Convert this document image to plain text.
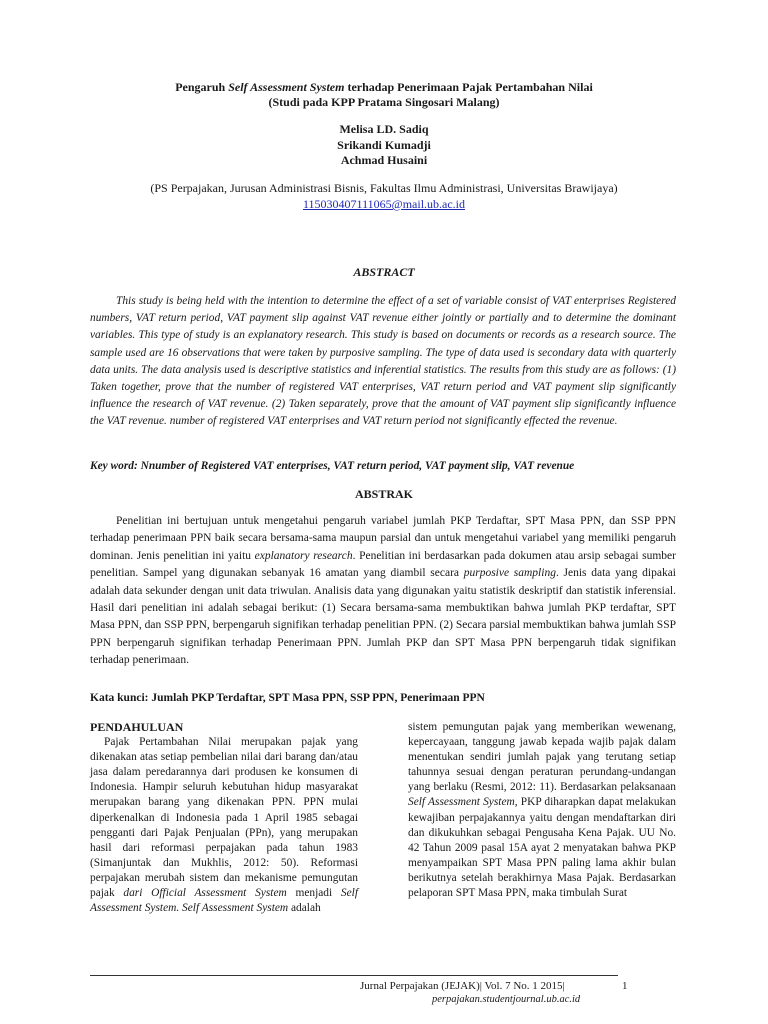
Pengaruh Self Assessment System terhadap Penerimaan Pajak Pertambahan Nilai
(Studi pada KPP Pratama Singosari Malang)
Melisa LD. Sadiq
Srikandi Kumadji
Achmad Husaini
(PS Perpajakan, Jurusan Administrasi Bisnis, Fakultas Ilmu Administrasi, Universitas Brawijaya)
115030407111065@mail.ub.ac.id
ABSTRACT

This study is being held with the intention to determine the effect of a set of variable consist of VAT enterprises Registered numbers, VAT return period, VAT payment slip against VAT revenue either jointly or partially and to determine the dominant variables. This type of study is an explanatory research. This study is based on documents or records as a research source. The sample used are 16 observations that were taken by purposive sampling. The type of data used is secondary data with quarterly data units. The data analysis used is descriptive statistics and inferential statistics. The results from this study are as follows: (1) Taken together, prove that the number of registered VAT enterprises, VAT return period and VAT payment slip significantly influence the research of VAT revenue. (2) Taken separately, prove that the amount of VAT payment slip significantly influence the VAT revenue. number of registered VAT enterprises and VAT return period not significantly effected the revenue.

Key word: Nnumber of Registered VAT enterprises, VAT return period, VAT payment slip, VAT revenue
ABSTRAK

Penelitian ini bertujuan untuk mengetahui pengaruh variabel jumlah PKP Terdaftar, SPT Masa PPN, dan SSP PPN terhadap penerimaan PPN baik secara bersama-sama maupun parsial dan untuk mengetahui variabel yang memiliki pengaruh dominan. Jenis penelitian ini yaitu explanatory research. Penelitian ini berdasarkan pada dokumen atau arsip sebagai sumber penelitian. Sampel yang digunakan sebanyak 16 amatan yang diambil secara purposive sampling. Jenis data yang dipakai adalah data sekunder dengan unit data triwulan. Analisis data yang digunakan yaitu statistik deskriptif dan statistik inferensial. Hasil dari penelitian ini adalah sebagai berikut: (1) Secara bersama-sama membuktikan bahwa jumlah PKP terdaftar, SPT Masa PPN, dan SSP PPN, berpengaruh signifikan terhadap penelitian PPN. (2) Secara parsial membuktikan bahwa jumlah SSP PPN berpengaruh signifikan terhadap Penerimaan PPN. Jumlah PKP dan SPT Masa PPN berpengaruh tidak signifikan terhadap penerimaan.

Kata kunci: Jumlah PKP Terdaftar, SPT Masa PPN, SSP PPN, Penerimaan PPN
PENDAHULUAN

Pajak Pertambahan Nilai merupakan pajak yang dikenakan atas setiap pembelian nilai dari barang dan/atau jasa dalam peredarannya dari produsen ke konsumen di Indonesia. Hampir seluruh kebutuhan hidup masyarakat merupakan barang yang dikenakan PPN. PPN mulai diperkenalkan di Indonesia pada 1 April 1985 sebagai pengganti dari Pajak Penjualan (PPn), yang merupakan hasil dari reformasi perpajakan pada tahun 1983 (Simanjuntak dan Mukhlis, 2012: 50). Reformasi perpajakan merubah sistem dan mekanisme pemungutan pajak dari Official Assessment System menjadi Self Assessment System. Self Assessment System adalah

sistem pemungutan pajak yang memberikan wewenang, kepercayaan, tanggung jawab kepada wajib pajak dalam menentukan sendiri jumlah pajak yang terutang setiap tahunnya sesuai dengan peraturan perundang-undangan yang berlaku (Resmi, 2012: 11). Berdasarkan pelaksanaan Self Assessment System, PKP diharapkan dapat melakukan kewajiban perpajakannya yaitu dengan mendaftarkan diri dan dikukuhkan sebagai Pengusaha Kena Pajak. UU No. 42 Tahun 2009 pasal 15A ayat 2 menyatakan bahwa PKP menyampaikan SPT Masa PPN paling lama akhir bulan berikutnya setelah berakhirnya Masa Pajak. Berdasarkan pelaporan SPT Masa PPN, maka timbulah Surat

Jurnal Perpajakan (JEJAK)| Vol. 7 No. 1 2015|	1
perpajakan.studentjournal.ub.ac.id
